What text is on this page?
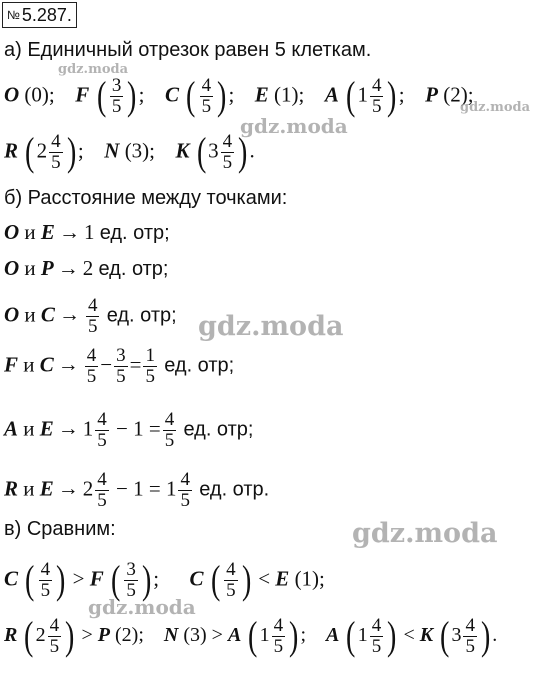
№ 5.287.
а) Единичный отрезок равен 5 клеткам.
O (0); F ( $\frac{3}{5}$ ); C ( $\frac{4}{5}$ ); E (1); A ($1 \frac{4}{5}$ ); P (2);
R ($2 \frac{4}{5}$ ); N (3); K ($3 \frac{4}{5}$ ).
б) Расстояние между точками:
O и E → 1 ед. отр;
O и P → 2 ед. отр;
O и $C \to \frac{4}{5}$ ед. отр;
F и $C \to \frac{4}{5} - \frac{3}{5} = \frac{1}{5}$ ед. отр;
A и $E \to 1 \frac{4}{5} - 1 = \frac{4}{5}$ ед. отр;
R и $E \to 2 \frac{4}{5} - 1 = 1 \frac{4}{5}$ ед. отр.
в) Сравним:
C ( $\frac{4}{5}$ ) > F ( $\frac{3}{5}$ ); C ( $\frac{4}{5}$ ) < E (1);
R ($2 \frac{4}{5}$ ) > P (2); N (3) > A ($1 \frac{4}{5}$ ); A ($1 \frac{4}{5}$ ) < K ($3 \frac{4}{5}$ ).
gdz.moda
gdz.moda
gdz.moda
gdz.moda
gdz.moda
gdz.moda
